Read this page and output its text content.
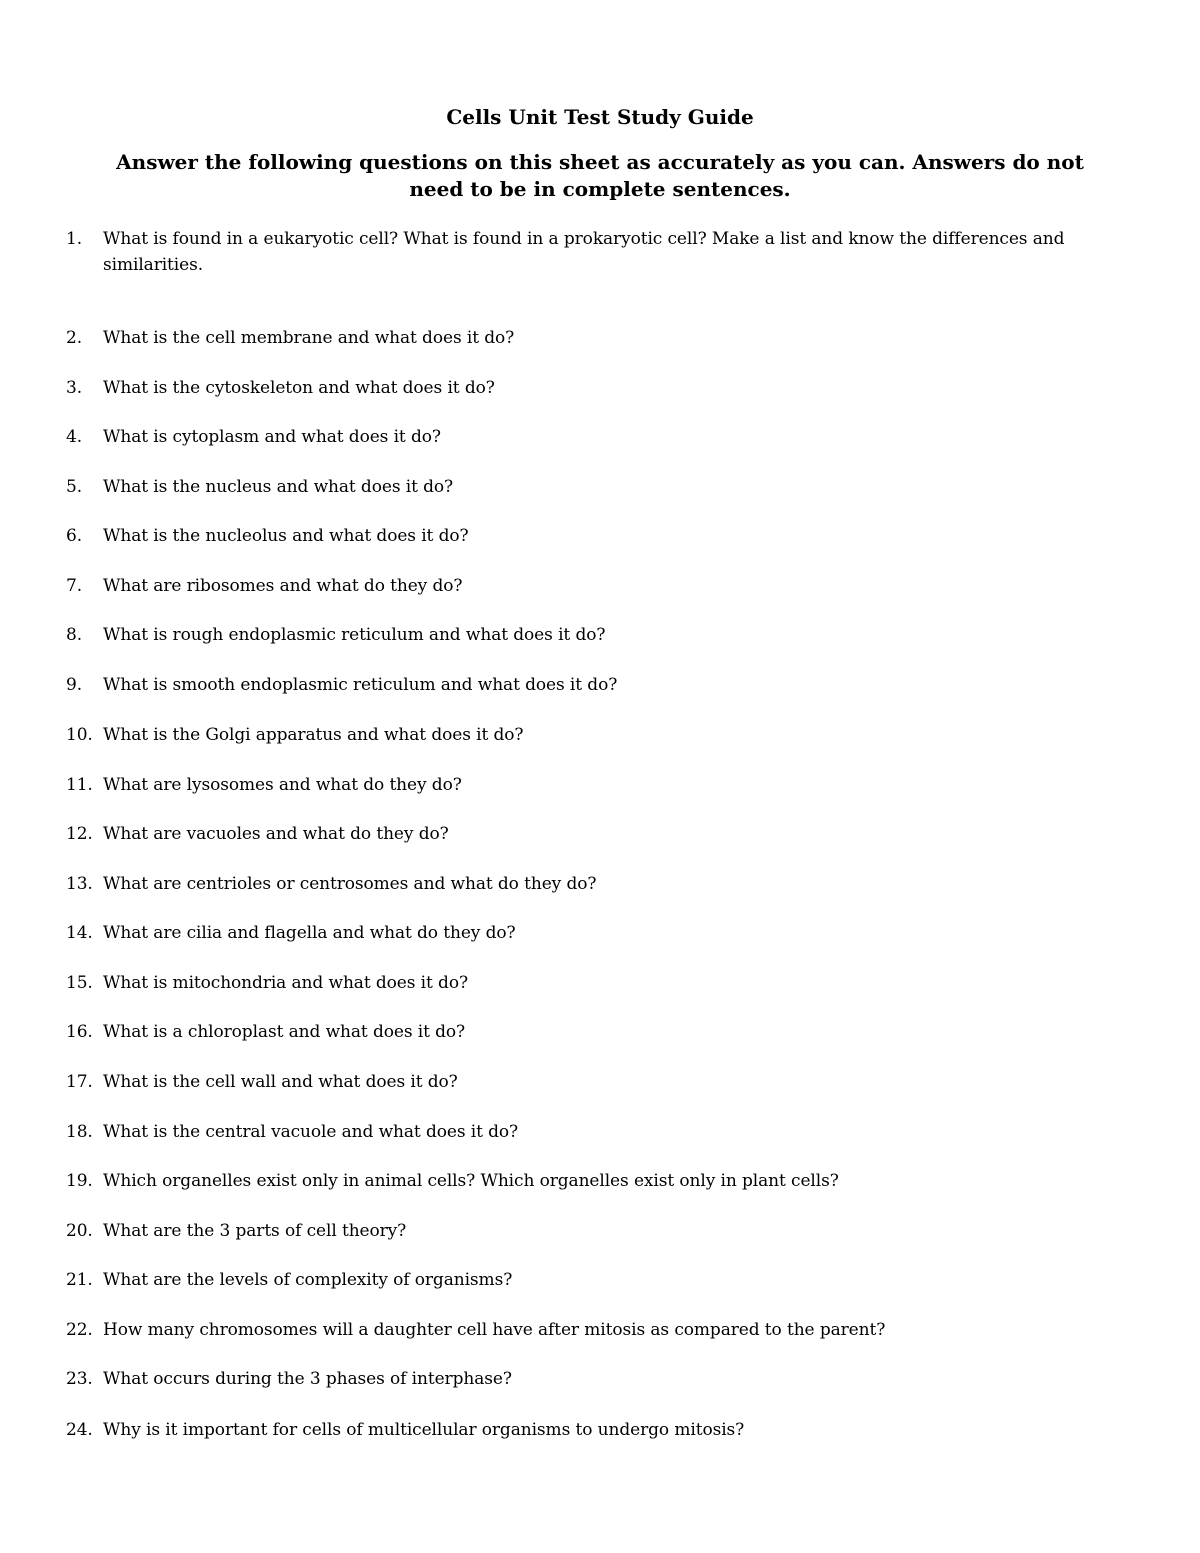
Cells Unit Test Study Guide

Answer the following questions on this sheet as accurately as you can. Answers do not need to be in complete sentences.

1.	What is found in a eukaryotic cell? What is found in a prokaryotic cell? Make a list and know the differences and similarities.
2.	What is the cell membrane and what does it do?
3.	What is the cytoskeleton and what does it do?
4.	What is cytoplasm and what does it do?
5.	What is the nucleus and what does it do?
6.	What is the nucleolus and what does it do?
7.	What are ribosomes and what do they do?
8.	What is rough endoplasmic reticulum and what does it do?
9.	What is smooth endoplasmic reticulum and what does it do?
10. What is the Golgi apparatus and what does it do?
11. What are lysosomes and what do they do?
12. What are vacuoles and what do they do?
13. What are centrioles or centrosomes and what do they do?
14. What are cilia and flagella and what do they do?
15. What is mitochondria and what does it do?
16. What is a chloroplast and what does it do?
17. What is the cell wall and what does it do?
18. What is the central vacuole and what does it do?
19. Which organelles exist only in animal cells? Which organelles exist only in plant cells?
20. What are the 3 parts of cell theory?
21. What are the levels of complexity of organisms?
22. How many chromosomes will a daughter cell have after mitosis as compared to the parent?
23. What occurs during the 3 phases of interphase?
24. Why is it important for cells of multicellular organisms to undergo mitosis?
